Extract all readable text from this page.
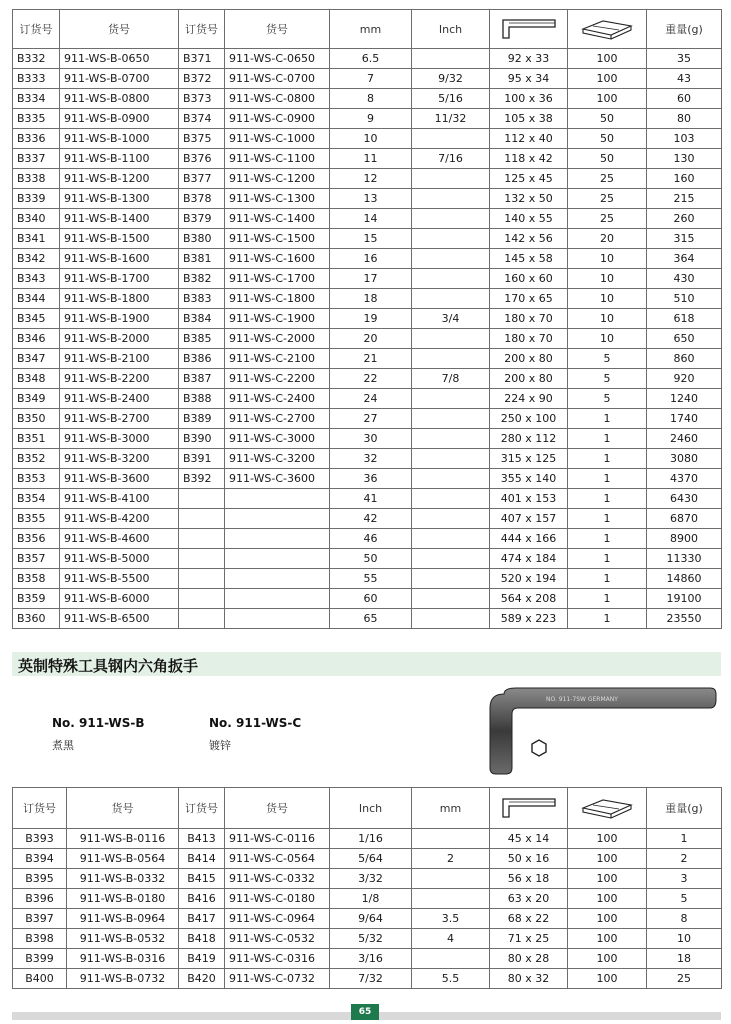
订货号	货号	订货号	货号	mm	Inch			重量(g)
B332	911-WS-B-0650	B371	911-WS-C-0650	6.5		92 x 33	100	35
B333	911-WS-B-0700	B372	911-WS-C-0700	7	9/32	95 x 34	100	43
B334	911-WS-B-0800	B373	911-WS-C-0800	8	5/16	100 x 36	100	60
B335	911-WS-B-0900	B374	911-WS-C-0900	9	11/32	105 x 38	50	80
B336	911-WS-B-1000	B375	911-WS-C-1000	10		112 x 40	50	103
B337	911-WS-B-1100	B376	911-WS-C-1100	11	7/16	118 x 42	50	130
B338	911-WS-B-1200	B377	911-WS-C-1200	12		125 x 45	25	160
B339	911-WS-B-1300	B378	911-WS-C-1300	13		132 x 50	25	215
B340	911-WS-B-1400	B379	911-WS-C-1400	14		140 x 55	25	260
B341	911-WS-B-1500	B380	911-WS-C-1500	15		142 x 56	20	315
B342	911-WS-B-1600	B381	911-WS-C-1600	16		145 x 58	10	364
B343	911-WS-B-1700	B382	911-WS-C-1700	17		160 x 60	10	430
B344	911-WS-B-1800	B383	911-WS-C-1800	18		170 x 65	10	510
B345	911-WS-B-1900	B384	911-WS-C-1900	19	3/4	180 x 70	10	618
B346	911-WS-B-2000	B385	911-WS-C-2000	20		180 x 70	10	650
B347	911-WS-B-2100	B386	911-WS-C-2100	21		200 x 80	5	860
B348	911-WS-B-2200	B387	911-WS-C-2200	22	7/8	200 x 80	5	920
B349	911-WS-B-2400	B388	911-WS-C-2400	24		224 x 90	5	1240
B350	911-WS-B-2700	B389	911-WS-C-2700	27		250 x 100	1	1740
B351	911-WS-B-3000	B390	911-WS-C-3000	30		280 x 112	1	2460
B352	911-WS-B-3200	B391	911-WS-C-3200	32		315 x 125	1	3080
B353	911-WS-B-3600	B392	911-WS-C-3600	36		355 x 140	1	4370
B354	911-WS-B-4100			41		401 x 153	1	6430
B355	911-WS-B-4200			42		407 x 157	1	6870
B356	911-WS-B-4600			46		444 x 166	1	8900
B357	911-WS-B-5000			50		474 x 184	1	11330
B358	911-WS-B-5500			55		520 x 194	1	14860
B359	911-WS-B-6000			60		564 x 208	1	19100
B360	911-WS-B-6500			65		589 x 223	1	23550
英制特殊工具钢内六角扳手
No. 911-WS-B	No. 911-WS-C
煮黑	镀锌
NO. 911-7SW GERMANY
订货号	货号	订货号	货号	Inch	mm			重量(g)
B393	911-WS-B-0116	B413	911-WS-C-0116	1/16		45 x 14	100	1
B394	911-WS-B-0564	B414	911-WS-C-0564	5/64	2	50 x 16	100	2
B395	911-WS-B-0332	B415	911-WS-C-0332	3/32		56 x 18	100	3
B396	911-WS-B-0180	B416	911-WS-C-0180	1/8		63 x 20	100	5
B397	911-WS-B-0964	B417	911-WS-C-0964	9/64	3.5	68 x 22	100	8
B398	911-WS-B-0532	B418	911-WS-C-0532	5/32	4	71 x 25	100	10
B399	911-WS-B-0316	B419	911-WS-C-0316	3/16		80 x 28	100	18
B400	911-WS-B-0732	B420	911-WS-C-0732	7/32	5.5	80 x 32	100	25
65
